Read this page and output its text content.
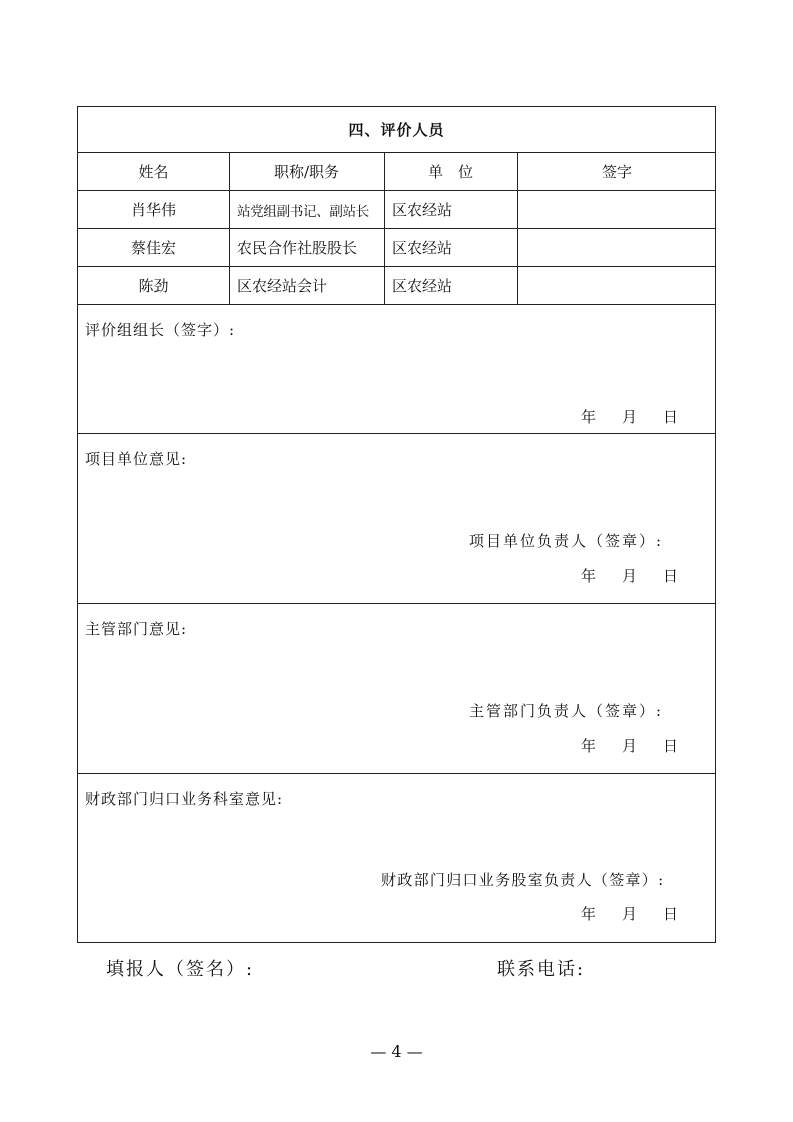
四、评价人员
姓名	职称/职务	单　位	签字
肖华伟	站党组副书记、副站长	区农经站
蔡佳宏	农民合作社股股长	区农经站
陈劲	区农经站会计	区农经站
评价组组长（签字）:
年 月 日
项目单位意见:
项目单位负责人（签章）:
年 月 日
主管部门意见:
主管部门负责人（签章）:
年 月 日
财政部门归口业务科室意见:
财政部门归口业务股室负责人（签章）:
年 月 日
填报人（签名）:	联系电话:
— 4 —
